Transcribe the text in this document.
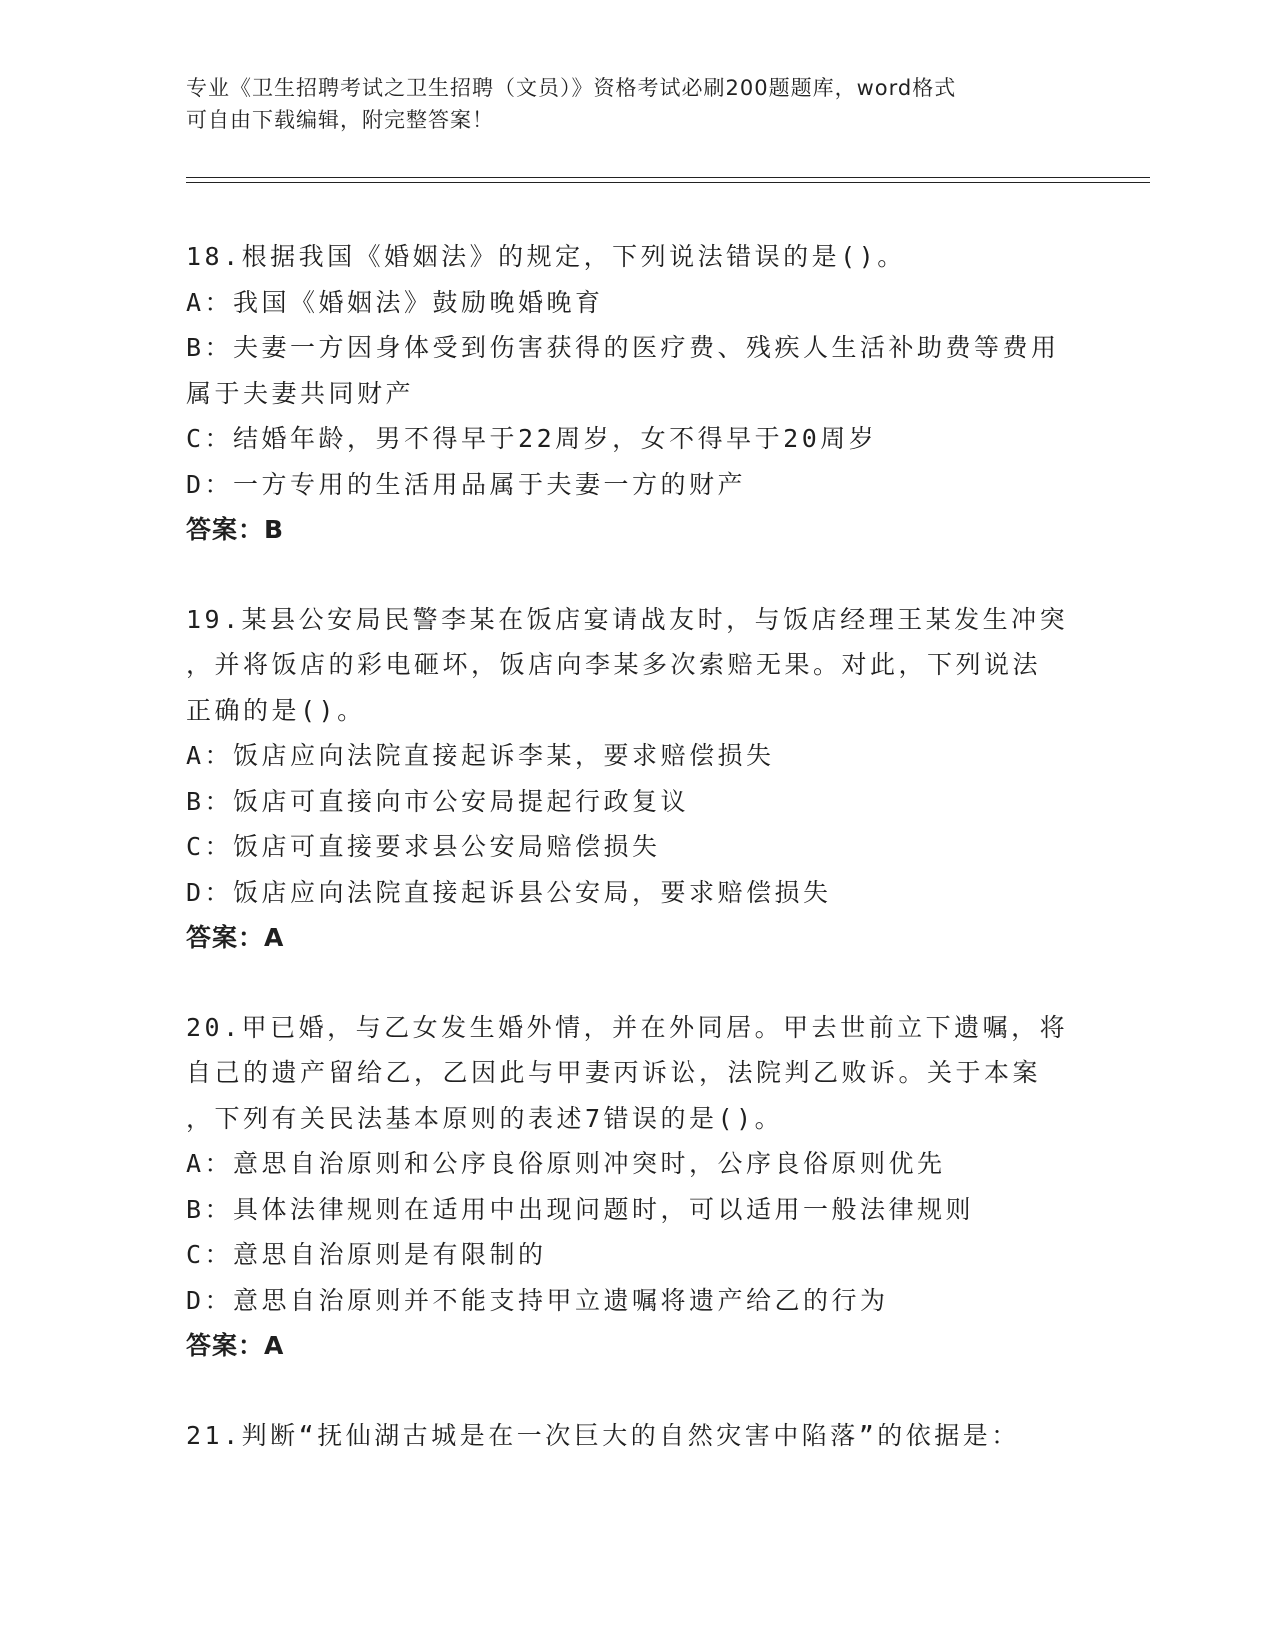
专业《卫生招聘考试之卫生招聘（文员）》资格考试必刷200题题库，word格式
可自由下载编辑，附完整答案！
18.根据我国《婚姻法》的规定，下列说法错误的是()。
A：我国《婚姻法》鼓励晚婚晚育
B：夫妻一方因身体受到伤害获得的医疗费、残疾人生活补助费等费用
属于夫妻共同财产
C：结婚年龄，男不得早于22周岁，女不得早于20周岁
D：一方专用的生活用品属于夫妻一方的财产
答案：B
19.某县公安局民警李某在饭店宴请战友时，与饭店经理王某发生冲突
，并将饭店的彩电砸坏，饭店向李某多次索赔无果。对此，下列说法
正确的是()。
A：饭店应向法院直接起诉李某，要求赔偿损失
B：饭店可直接向市公安局提起行政复议
C：饭店可直接要求县公安局赔偿损失
D：饭店应向法院直接起诉县公安局，要求赔偿损失
答案：A
20.甲已婚，与乙女发生婚外情，并在外同居。甲去世前立下遗嘱，将
自己的遗产留给乙，乙因此与甲妻丙诉讼，法院判乙败诉。关于本案
，下列有关民法基本原则的表述7错误的是()。
A：意思自治原则和公序良俗原则冲突时，公序良俗原则优先
B：具体法律规则在适用中出现问题时，可以适用一般法律规则
C：意思自治原则是有限制的
D：意思自治原则并不能支持甲立遗嘱将遗产给乙的行为
答案：A
21.判断“抚仙湖古城是在一次巨大的自然灾害中陷落”的依据是：
